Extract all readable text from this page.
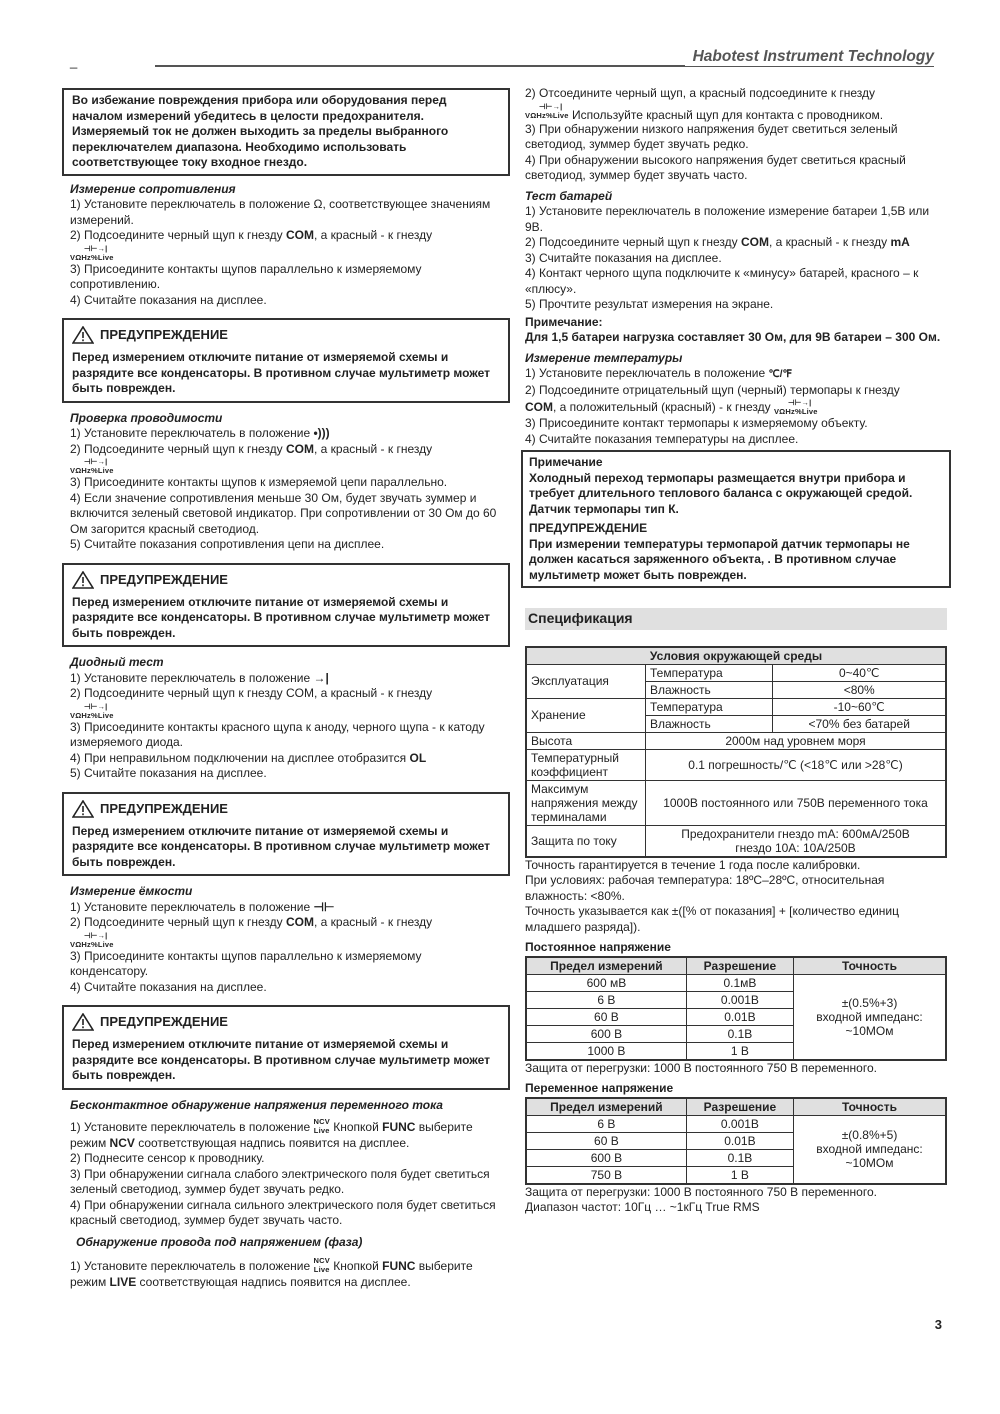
_	Habotest Instrument Technology
Во избежание повреждения прибора или оборудования перед началом измерений убедитесь в целости предохранителя. Измеряемый ток не должен выходить за пределы выбранного переключателем диапазона. Необходимо использовать соответствующее току входное гнездо.

Измерение сопротивления

1) Установите переключатель в положение Ω, соответствующее значениям измерений.

2) Подсоедините черный щуп к гнезду COM, а красный - к гнезду

⊣⊢→|
VΩHz%Live

3) Присоедините контакты щупов параллельно к измеряемому сопротивлению.

4) Считайте показания на дисплее.

ПРЕДУПРЕЖДЕНИЕ
Перед измерением отключите питание от измеряемой схемы и разрядите все конденсаторы. В противном случае мультиметр может быть поврежден.

Проверка проводимости

1) Установите переключатель в положение •)))

2) Подсоедините черный щуп к гнезду COM, а красный - к гнезду

⊣⊢→|
VΩHz%Live

3) Присоедините контакты щупов к измеряемой цепи параллельно.

4) Если значение сопротивления меньше 30 Ом, будет звучать зуммер и включится зеленый световой индикатор. При сопротивлении от 30 Ом до 60 Ом загорится красный светодиод.

5) Считайте показания сопротивления цепи на дисплее.

ПРЕДУПРЕЖДЕНИЕ
Перед измерением отключите питание от измеряемой схемы и разрядите все конденсаторы. В противном случае мультиметр может быть поврежден.

Диодный тест

1) Установите переключатель в положение →|

2) Подсоедините черный щуп к гнезду COM, а красный - к гнезду

⊣⊢→|
VΩHz%Live

3) Присоедините контакты красного щупа к аноду, черного щупа - к катоду измеряемого диода.

4) При неправильном подключении на дисплее отобразится OL

5) Считайте показания на дисплее.

ПРЕДУПРЕЖДЕНИЕ
Перед измерением отключите питание от измеряемой схемы и разрядите все конденсаторы. В противном случае мультиметр может быть поврежден.

Измерение ёмкости

1) Установите переключатель в положение ⊣⊢

2) Подсоедините черный щуп к гнезду COM, а красный - к гнезду

⊣⊢→|
VΩHz%Live

3) Присоедините контакты щупов параллельно к измеряемому конденсатору.

4) Считайте показания на дисплее.

ПРЕДУПРЕЖДЕНИЕ
Перед измерением отключите питание от измеряемой схемы и разрядите все конденсаторы. В противном случае мультиметр может быть поврежден.

Бесконтактное обнаружение напряжения переменного тока

1) Установите переключатель в положение NCV
Live Кнопкой FUNC выберите режим NCV соответствующая надпись появится на дисплее.

2) Поднесите сенсор к проводнику.

3) При обнаружении сигнала слабого электрического поля будет светиться зеленый светодиод, зуммер будет звучать редко.

4) При обнаружении сигнала сильного электрического поля будет светиться красный светодиод, зуммер будет звучать часто.

Обнаружение провода под напряжением (фаза)

1) Установите переключатель в положение NCV
Live Кнопкой FUNC выберите режим LIVE соответствующая надпись появится на дисплее.

2) Отсоедините черный щуп, а красный подсоедините к гнезду

⊣⊢→|
VΩHz%Live Используйте красный щуп для контакта с проводником.

3) При обнаружении низкого напряжения будет светиться зеленый светодиод, зуммер будет звучать редко.

4) При обнаружении высокого напряжения будет светиться красный светодиод, зуммер будет звучать часто.

Тест батарей

1) Установите переключатель в положение измерение батареи 1,5В или 9В.

2) Подсоедините черный щуп к гнезду COM, а красный - к гнезду mA

3) Считайте показания на дисплее.

4) Контакт черного щупа подключите к «минусу» батарей, красного – к «плюсу».

5) Прочтите результат измерения на экране.

Примечание:

Для 1,5 батареи нагрузка составляет 30 Ом, для 9В батареи – 300 Ом.

Измерение температуры

1) Установите переключатель в положение ℃/℉

2) Подсоедините отрицательный щуп (черный) термопары к гнезду

COM, а положительный (красный) - к гнезду	⊣⊢→|
VΩHz%Live

3) Присоедините контакт термопары к измеряемому объекту.

4) Считайте показания температуры на дисплее.

Примечание
Холодный переход термопары размещается внутри прибора и требует длительного теплового баланса с окружающей средой. Датчик термопары тип К.
ПРЕДУПРЕЖДЕНИЕ
При измерении температуры термопарой датчик термопары не должен касаться заряженного объекта, . В противном случае мультиметр может быть поврежден.
Спецификация
Условия окружающей среды		
Эксплуатация	Температура	0~40℃
	Влажность	<80%
Хранение	Температура	-10~60℃
	Влажность	<70% без батарей
Высота	2000м над уровнем моря	
Температурный коэффициент	0.1 погрешность/℃ (<18℃ или >28℃)	
Максимум напряжения между терминалами	1000В постоянного или 750В переменного тока	
Защита по току	Предохранители гнездо mA: 600мА/250В
гнездо 10А: 10А/250В	

Точность гарантируется в течение 1 года после калибровки.

При условиях: рабочая температура: 18ºС–28ºС, относительная влажность: <80%.

Точность указывается как ±([% от показания] + [количество единиц младшего разряда]).

Постоянное напряжение

Предел измерений	Разрешение	Точность
600 мВ	0.1мВ	±(0.5%+3)
входной импеданс:
~10МОм

6 В	0.001В	
60 В	0.01В	
600 В	0.1В	
1000 В	1 В	

Защита от перегрузки: 1000 В постоянного 750 В переменного.

Переменное напряжение

Предел измерений	Разрешение	Точность
6 В	0.001В	±(0.8%+5)
входной импеданс:
~10МОм

60 В	0.01В	
600 В	0.1В	
750 В	1 В	

Защита от перегрузки: 1000 В постоянного 750 В переменного.

Диапазон частот: 10Гц … ~1кГц True RMS

3
